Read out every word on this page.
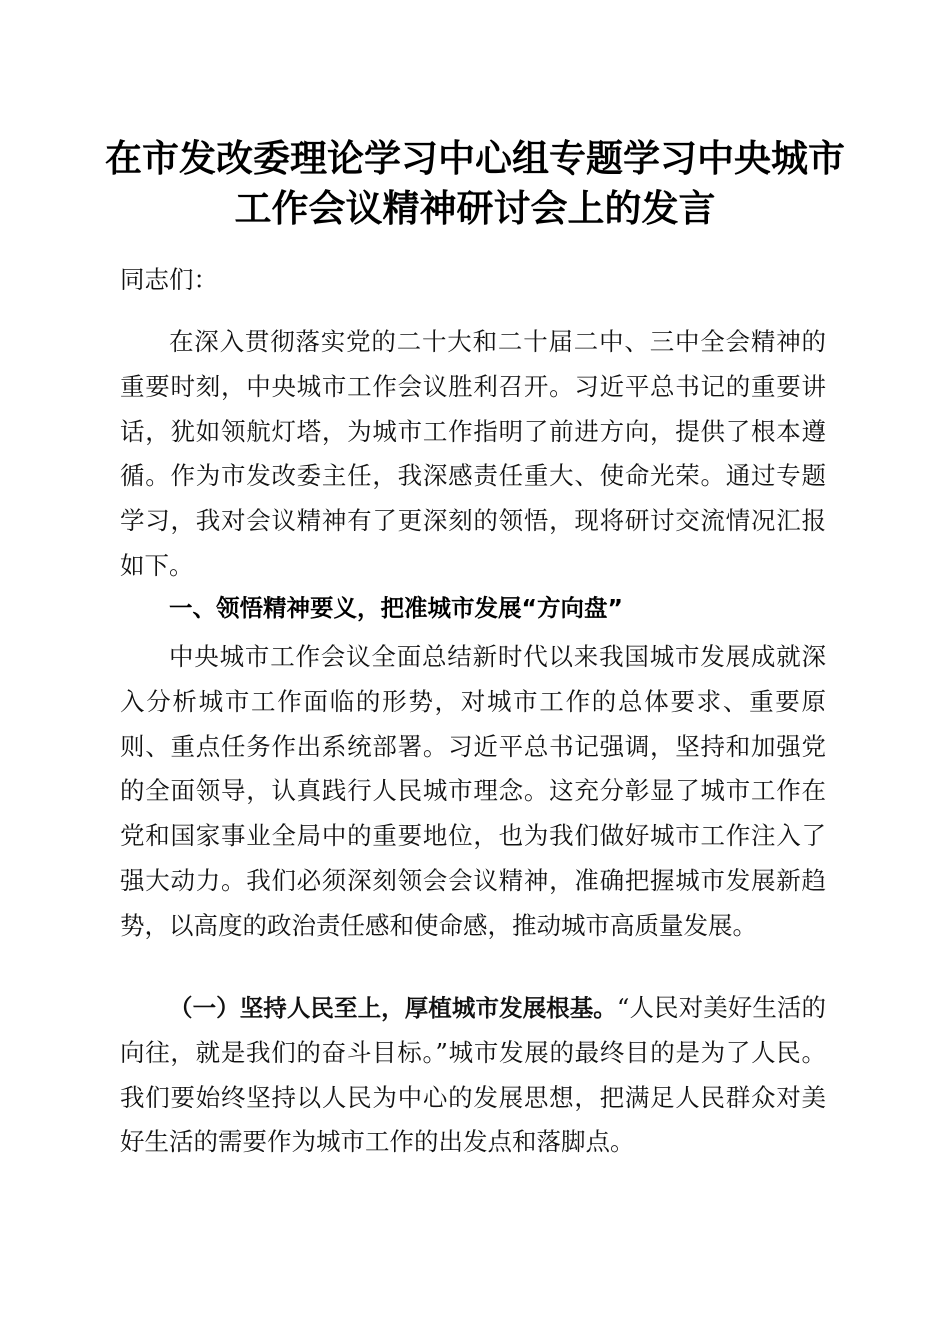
在市发改委理论学习中心组专题学习中央城市
工作会议精神研讨会上的发言
同志们：

在深入贯彻落实党的二十大和二十届二中、三中全会精神的重要时刻，中央城市工作会议胜利召开。习近平总书记的重要讲话，犹如领航灯塔，为城市工作指明了前进方向，提供了根本遵循。作为市发改委主任，我深感责任重大、使命光荣。通过专题学习，我对会议精神有了更深刻的领悟，现将研讨交流情况汇报如下。

一、领悟精神要义，把准城市发展“方向盘”

中央城市工作会议全面总结新时代以来我国城市发展成就深入分析城市工作面临的形势，对城市工作的总体要求、重要原则、重点任务作出系统部署。习近平总书记强调，坚持和加强党的全面领导，认真践行人民城市理念。这充分彰显了城市工作在党和国家事业全局中的重要地位，也为我们做好城市工作注入了强大动力。我们必须深刻领会会议精神，准确把握城市发展新趋势，以高度的政治责任感和使命感，推动城市高质量发展。

（一）坚持人民至上，厚植城市发展根基。“人民对美好生活的向往，就是我们的奋斗目标。”城市发展的最终目的是为了人民。我们要始终坚持以人民为中心的发展思想，把满足人民群众对美好生活的需要作为城市工作的出发点和落脚点。
